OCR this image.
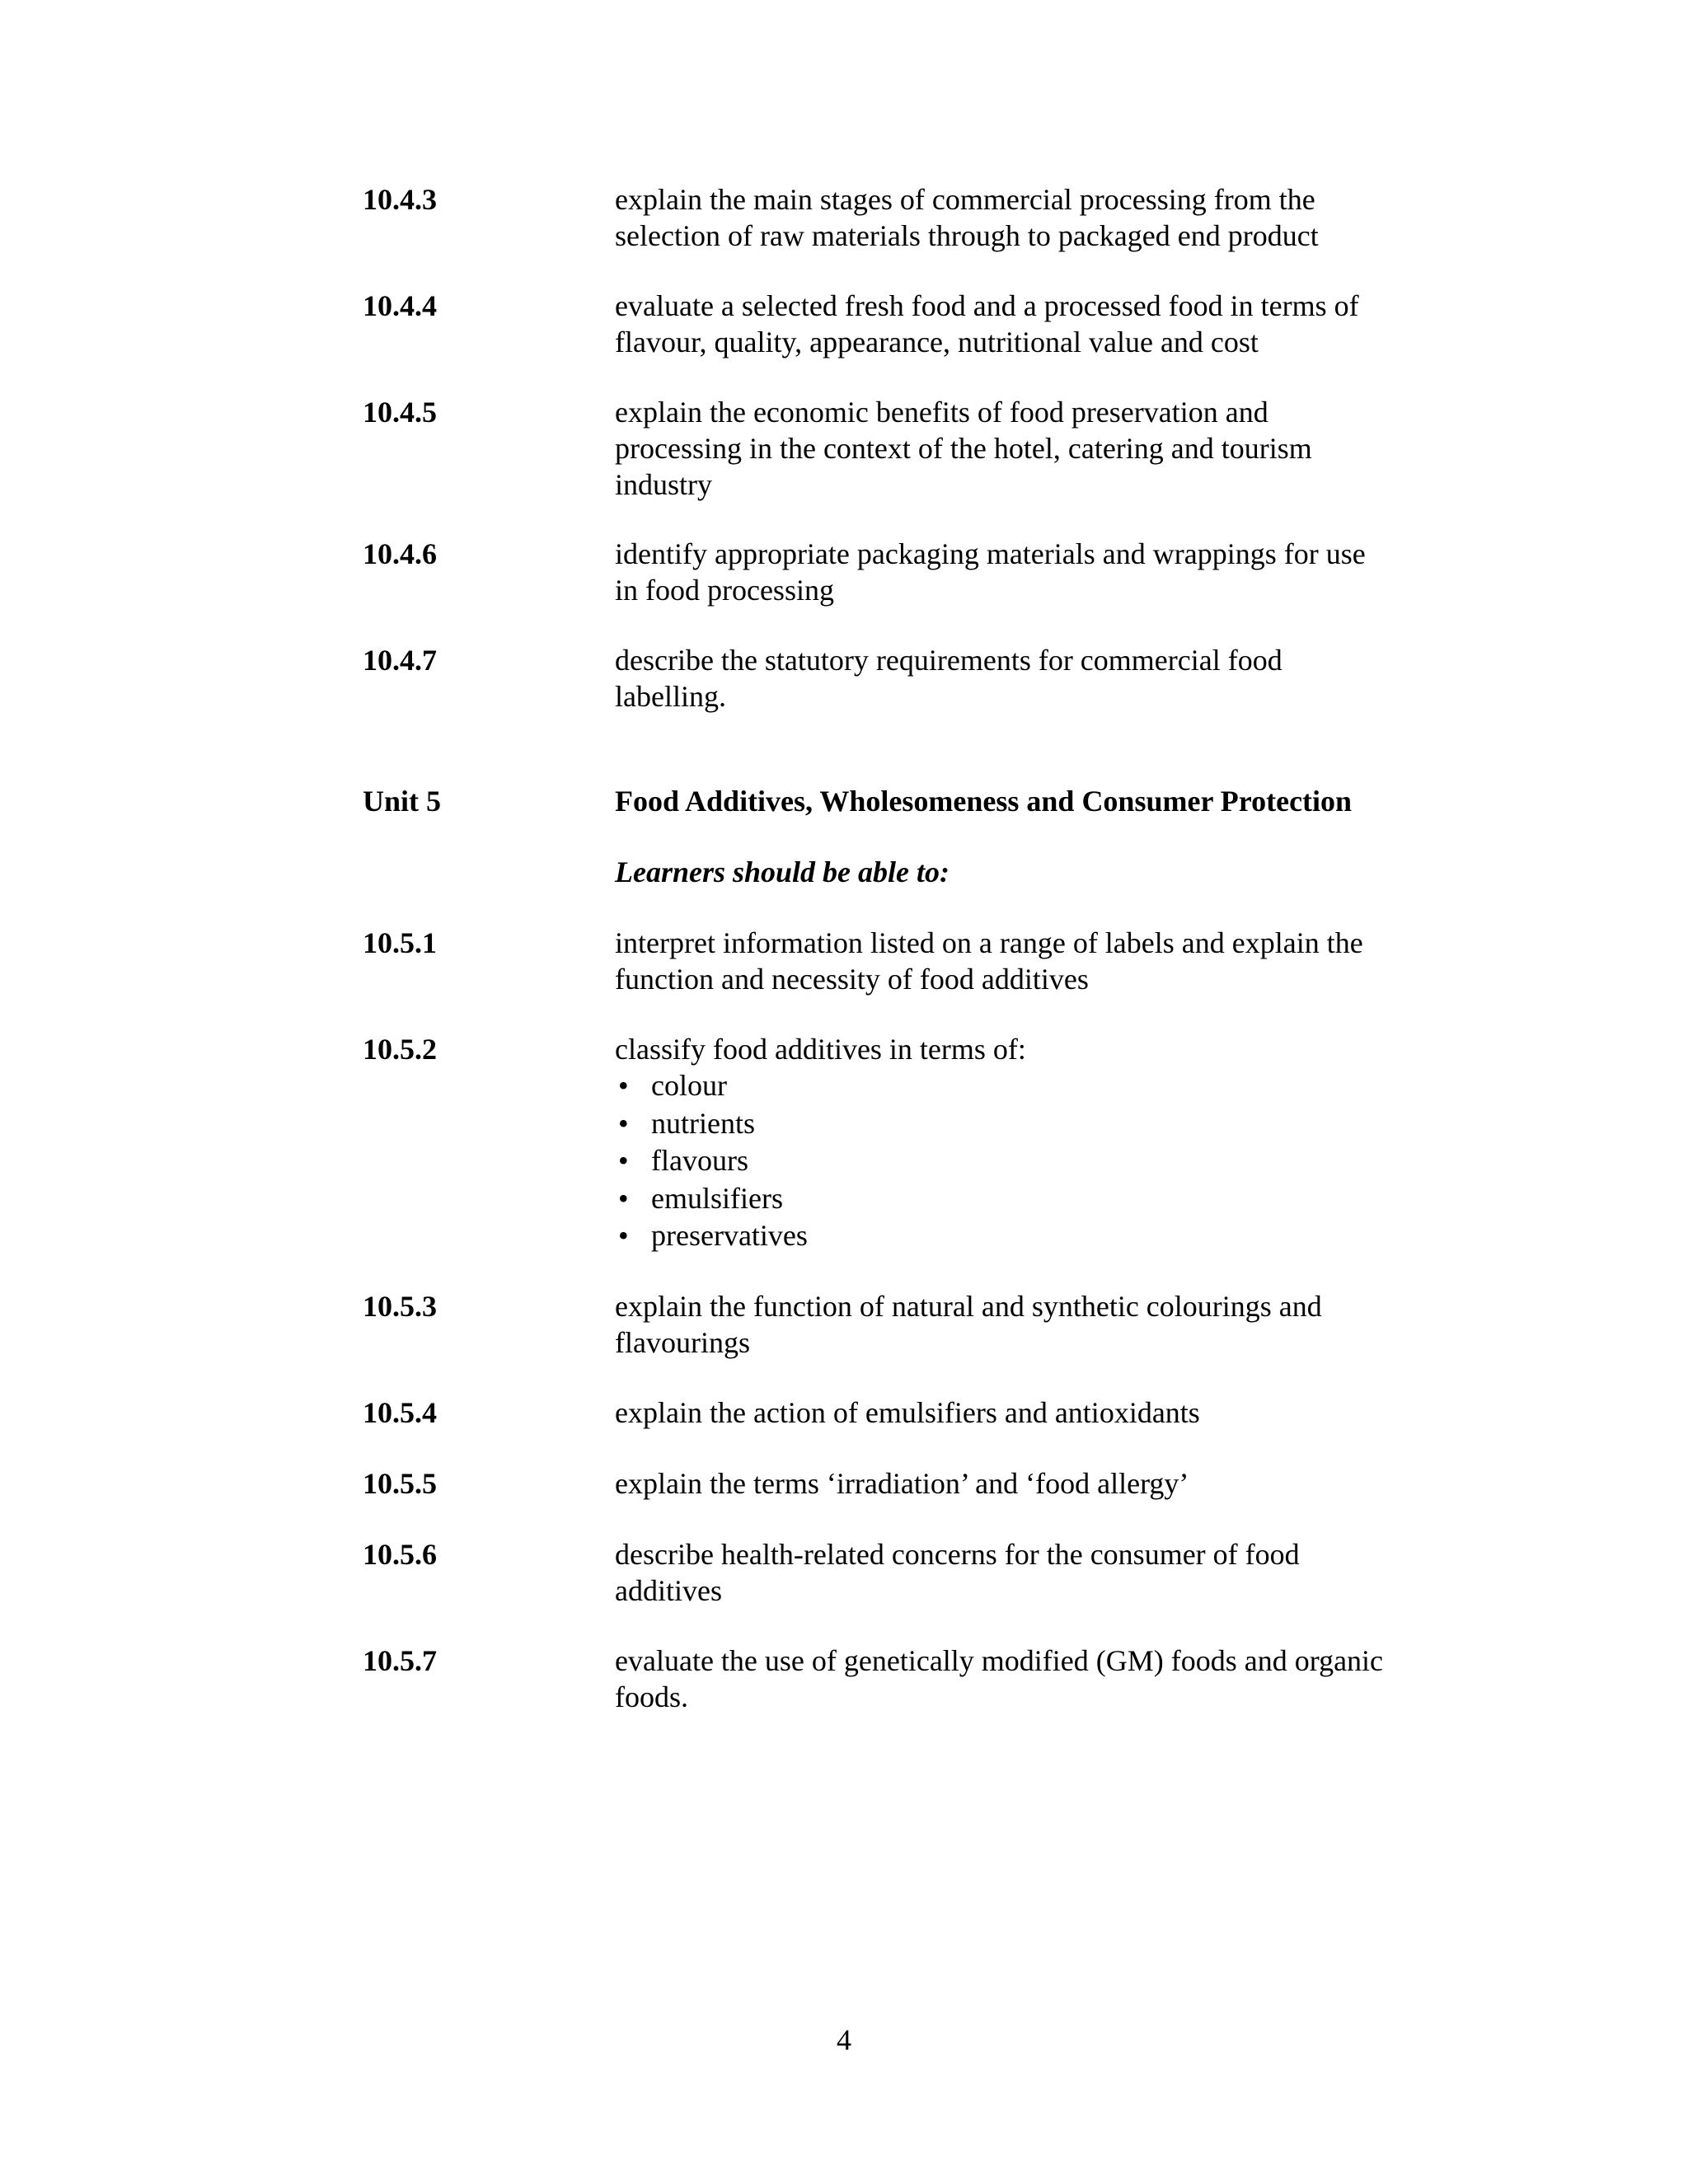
10.4.3	explain the main stages of commercial processing from the
selection of raw materials through to packaged end product
10.4.4	evaluate a selected fresh food and a processed food in terms of
flavour, quality, appearance, nutritional value and cost
10.4.5	explain the economic benefits of food preservation and
processing in the context of the hotel, catering and tourism
industry
10.4.6	identify appropriate packaging materials and wrappings for use
in food processing
10.4.7	describe the statutory requirements for commercial food
labelling.
Unit 5	Food Additives, Wholesomeness and Consumer Protection
Learners should be able to:
10.5.1	interpret information listed on a range of labels and explain the
function and necessity of food additives
10.5.2	classify food additives in terms of:
• colour
• nutrients
• flavours
• emulsifiers
• preservatives
10.5.3	explain the function of natural and synthetic colourings and
flavourings
10.5.4	explain the action of emulsifiers and antioxidants
10.5.5	explain the terms ‘irradiation’ and ‘food allergy’
10.5.6	describe health-related concerns for the consumer of food
additives
10.5.7	evaluate the use of genetically modified (GM) foods and organic
foods.
4
